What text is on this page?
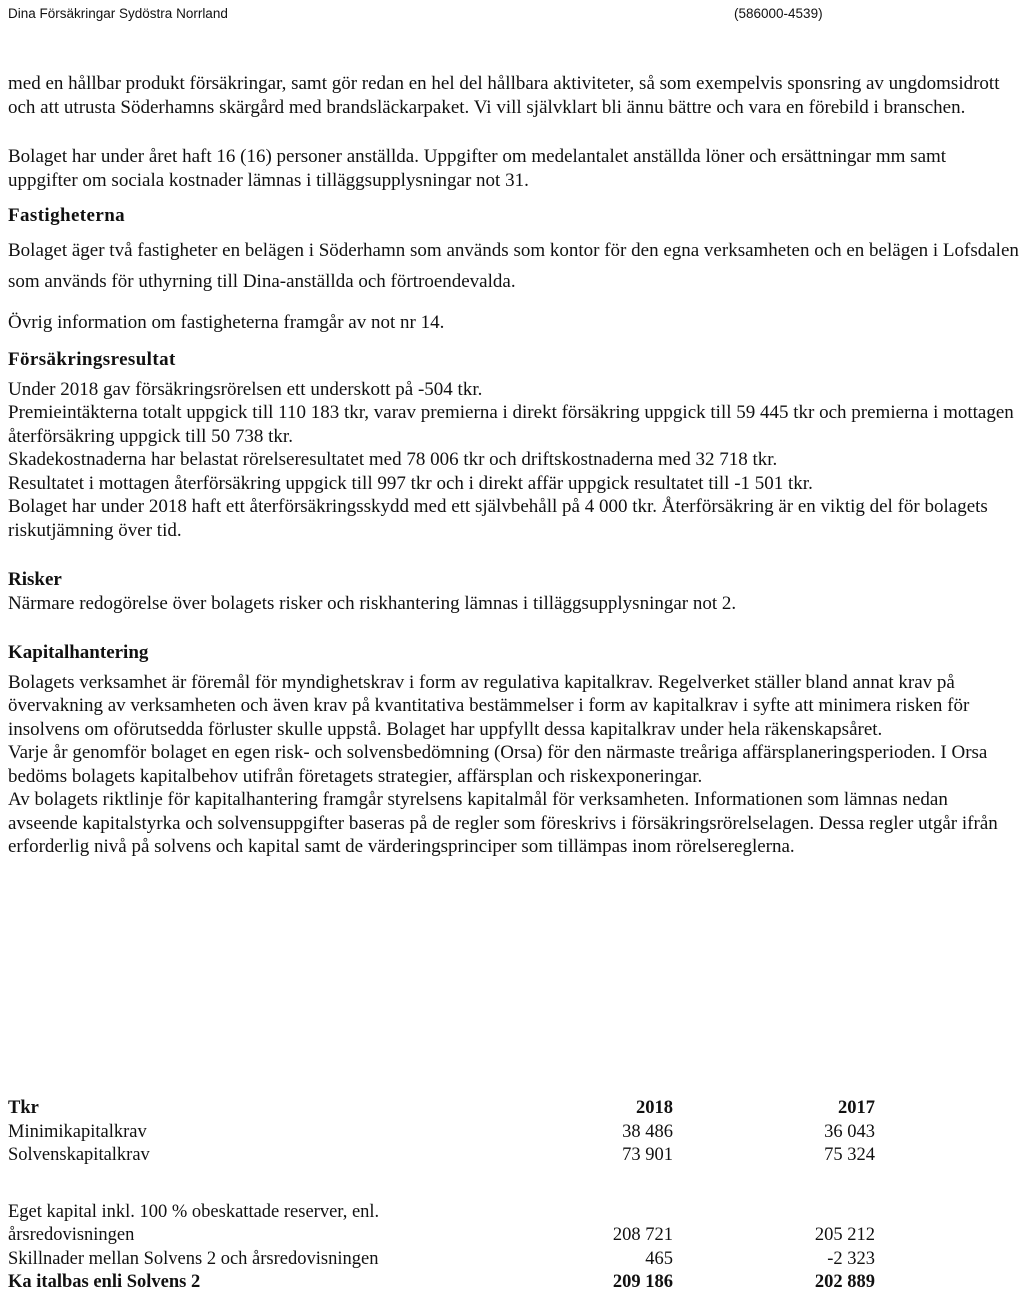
Dina Försäkringar Sydöstra Norrland	(586000-4539)

med en hållbar produkt försäkringar, samt gör redan en hel del hållbara aktiviteter, så som exempelvis sponsring av ungdomsidrott och att utrusta Söderhamns skärgård med brandsläckarpaket. Vi vill självklart bli ännu bättre och vara en förebild i branschen.

Bolaget har under året haft 16 (16) personer anställda. Uppgifter om medelantalet anställda löner och ersättningar mm samt uppgifter om sociala kostnader lämnas i tilläggsupplysningar not 31.

Fastigheterna

Bolaget äger två fastigheter en belägen i Söderhamn som används som kontor för den egna verksamheten och en belägen i Lofsdalen som används för uthyrning till Dina-anställda och förtroendevalda.

Övrig information om fastigheterna framgår av not nr 14.

Försäkringsresultat

Under 2018 gav försäkringsrörelsen ett underskott på -504 tkr.

Premieintäkterna totalt uppgick till 110 183 tkr, varav premierna i direkt försäkring uppgick till 59 445 tkr och premierna i mottagen återförsäkring uppgick till 50 738 tkr.

Skadekostnaderna har belastat rörelseresultatet med 78 006 tkr och driftskostnaderna med 32 718 tkr.

Resultatet i mottagen återförsäkring uppgick till 997 tkr och i direkt affär uppgick resultatet till -1 501 tkr.

Bolaget har under 2018 haft ett återförsäkringsskydd med ett självbehåll på 4 000 tkr. Återförsäkring är en viktig del för bolagets riskutjämning över tid.

Risker

Närmare redogörelse över bolagets risker och riskhantering lämnas i tilläggsupplysningar not 2.

Kapitalhantering

Bolagets verksamhet är föremål för myndighetskrav i form av regulativa kapitalkrav. Regelverket ställer bland annat krav på övervakning av verksamheten och även krav på kvantitativa bestämmelser i form av kapitalkrav i syfte att minimera risken för insolvens om oförutsedda förluster skulle uppstå. Bolaget har uppfyllt dessa kapitalkrav under hela räkenskapsåret.

Varje år genomför bolaget en egen risk- och solvensbedömning (Orsa) för den närmaste treåriga affärsplaneringsperioden. I Orsa bedöms bolagets kapitalbehov utifrån företagets strategier, affärsplan och riskexponeringar.

Av bolagets riktlinje för kapitalhantering framgår styrelsens kapitalmål för verksamheten. Informationen som lämnas nedan avseende kapitalstyrka och solvensuppgifter baseras på de regler som föreskrivs i försäkringsrörelselagen. Dessa regler utgår ifrån erforderlig nivå på solvens och kapital samt de värderingsprinciper som tillämpas inom rörelsereglerna.

Tkr	2018	2017
Minimikapitalkrav	38 486	36 043
Solvenskapitalkrav	73 901	75 324

Eget kapital inkl. 100 % obeskattade reserver, enl.		
årsredovisningen	208 721	205 212
Skillnader mellan Solvens 2 och årsredovisningen	465	-2 323
Ka italbas enli Solvens 2	209 186	202 889
